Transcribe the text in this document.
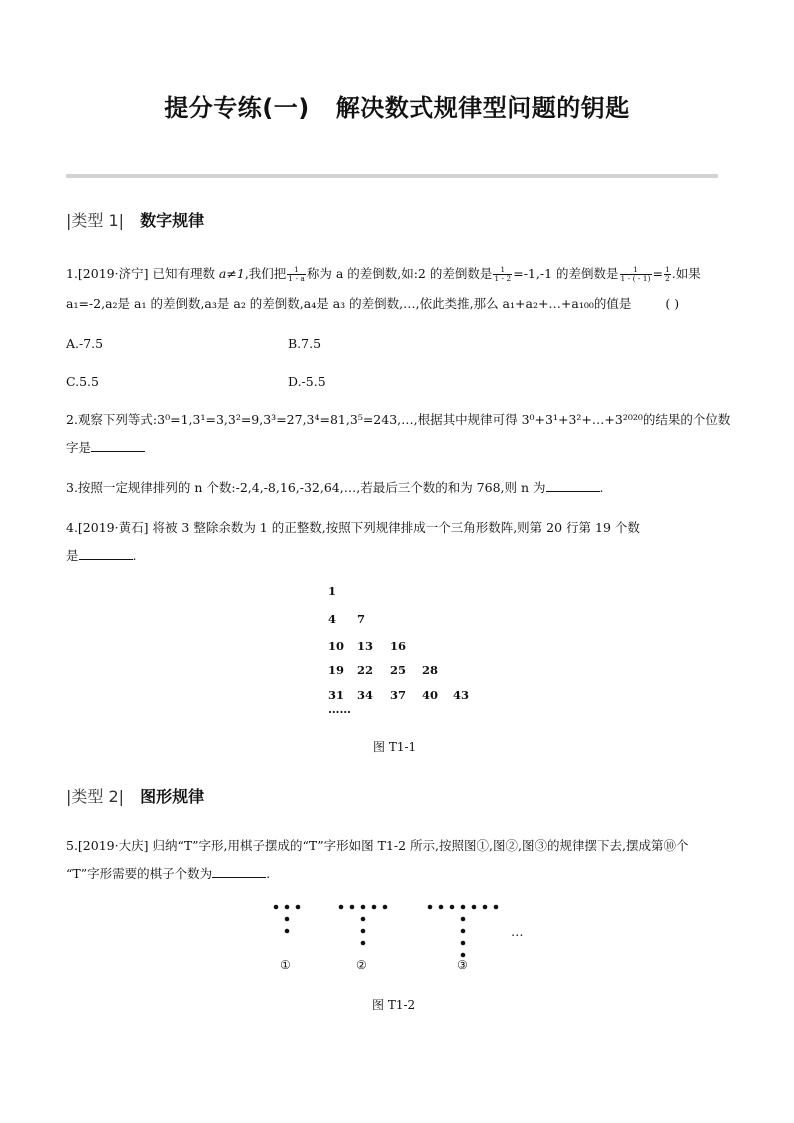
提分专练(一) 解决数式规律型问题的钥匙
|类型 1| 数字规律
1.[2019·济宁] 已知有理数 a≠1,我们把 $\frac{1}{1 - a}$ 称为 a 的差倒数,如:2 的差倒数是 $\frac{1}{1 - 2} =-1,-1$ 的差倒数是 $\frac{1}{1 - ( - 1)} = \frac{1}{2}$ .如果
a₁=-2,a₂是 a₁ 的差倒数,a₃是 a₂ 的差倒数,a₄是 a₃ 的差倒数,…,依此类推,那么 a₁+a₂+…+a₁₀₀的值是	( )
A.-7.5	B.7.5
C.5.5	D.-5.5
2.观察下列等式:3⁰=1,3¹=3,3²=9,3³=27,3⁴=81,3⁵=243,…,根据其中规律可得 3⁰+3¹+3²+…+3²⁰²⁰的结果的个位数
字是
3.按照一定规律排列的 n 个数:-2,4,-8,16,-32,64,…,若最后三个数的和为 768,则 n 为	.
4.[2019·黄石] 将被 3 整除余数为 1 的正整数,按照下列规律排成一个三角形数阵,则第 20 行第 19 个数
是	.
1
4 7
10 13 16
19 22 25 28
31 34 37 40 43
……
图 T1-1
|类型 2| 图形规律
5.[2019·大庆] 归纳“T”字形,用棋子摆成的“T”字形如图 T1-2 所示,按照图①,图②,图③的规律摆下去,摆成第⑩个
“T”字形需要的棋子个数为	.
…
①	②	③
图 T1-2
